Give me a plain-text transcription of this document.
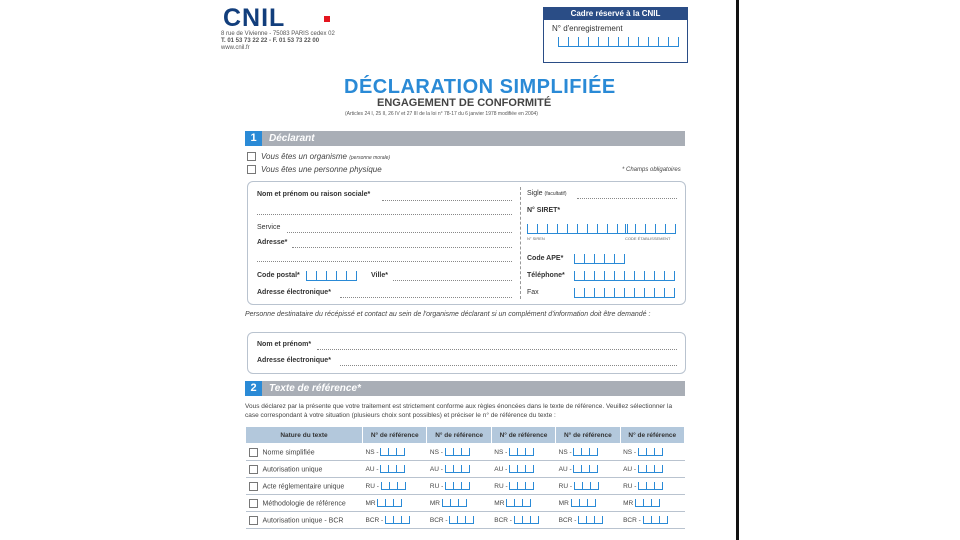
CNIL
8 rue de Vivienne - 75083 PARIS cedex 02
T. 01 53 73 22 22 - F. 01 53 73 22 00
www.cnil.fr
Cadre réservé à la CNIL
N° d'enregistrement
DÉCLARATION SIMPLIFIÉE
ENGAGEMENT DE CONFORMITÉ
(Articles 24 I, 25 II, 26 IV et 27 III de la loi n° 78-17 du 6 janvier 1978 modifiée en 2004)
1	Déclarant
Vous êtes un organisme (personne morale)
Vous êtes une personne physique	* Champs obligatoires
Nom et prénom ou raison sociale*
Service
Adresse*
Code postal*	Ville*
Adresse électronique*
Sigle (facultatif)
N° SIRET*
N° SIREN	CODE ÉTABLISSEMENT
Code APE*
Téléphone*
Fax
Personne destinataire du récépissé et contact au sein de l'organisme déclarant si un complément d'information doit être demandé :
Nom et prénom*
Adresse électronique*
2	Texte de référence*
Vous déclarez par la présente que votre traitement est strictement conforme aux règles énoncées dans le texte de référence. Veuillez sélectionner la case correspondant à votre situation (plusieurs choix sont possibles) et préciser le n° de référence du texte :
Nature du texte	N° de référence	N° de référence	N° de référence	N° de référence	N° de référence
Norme simplifiée	NS -	NS -	NS -	NS -	NS -

Autorisation unique	AU -	AU -	AU -	AU -	AU -

Acte réglementaire unique	RU -	RU -	RU -	RU -	RU -

Méthodologie de référence	MR	MR	MR	MR	MR

Autorisation unique - BCR	BCR -	BCR -	BCR -	BCR -	BCR -
